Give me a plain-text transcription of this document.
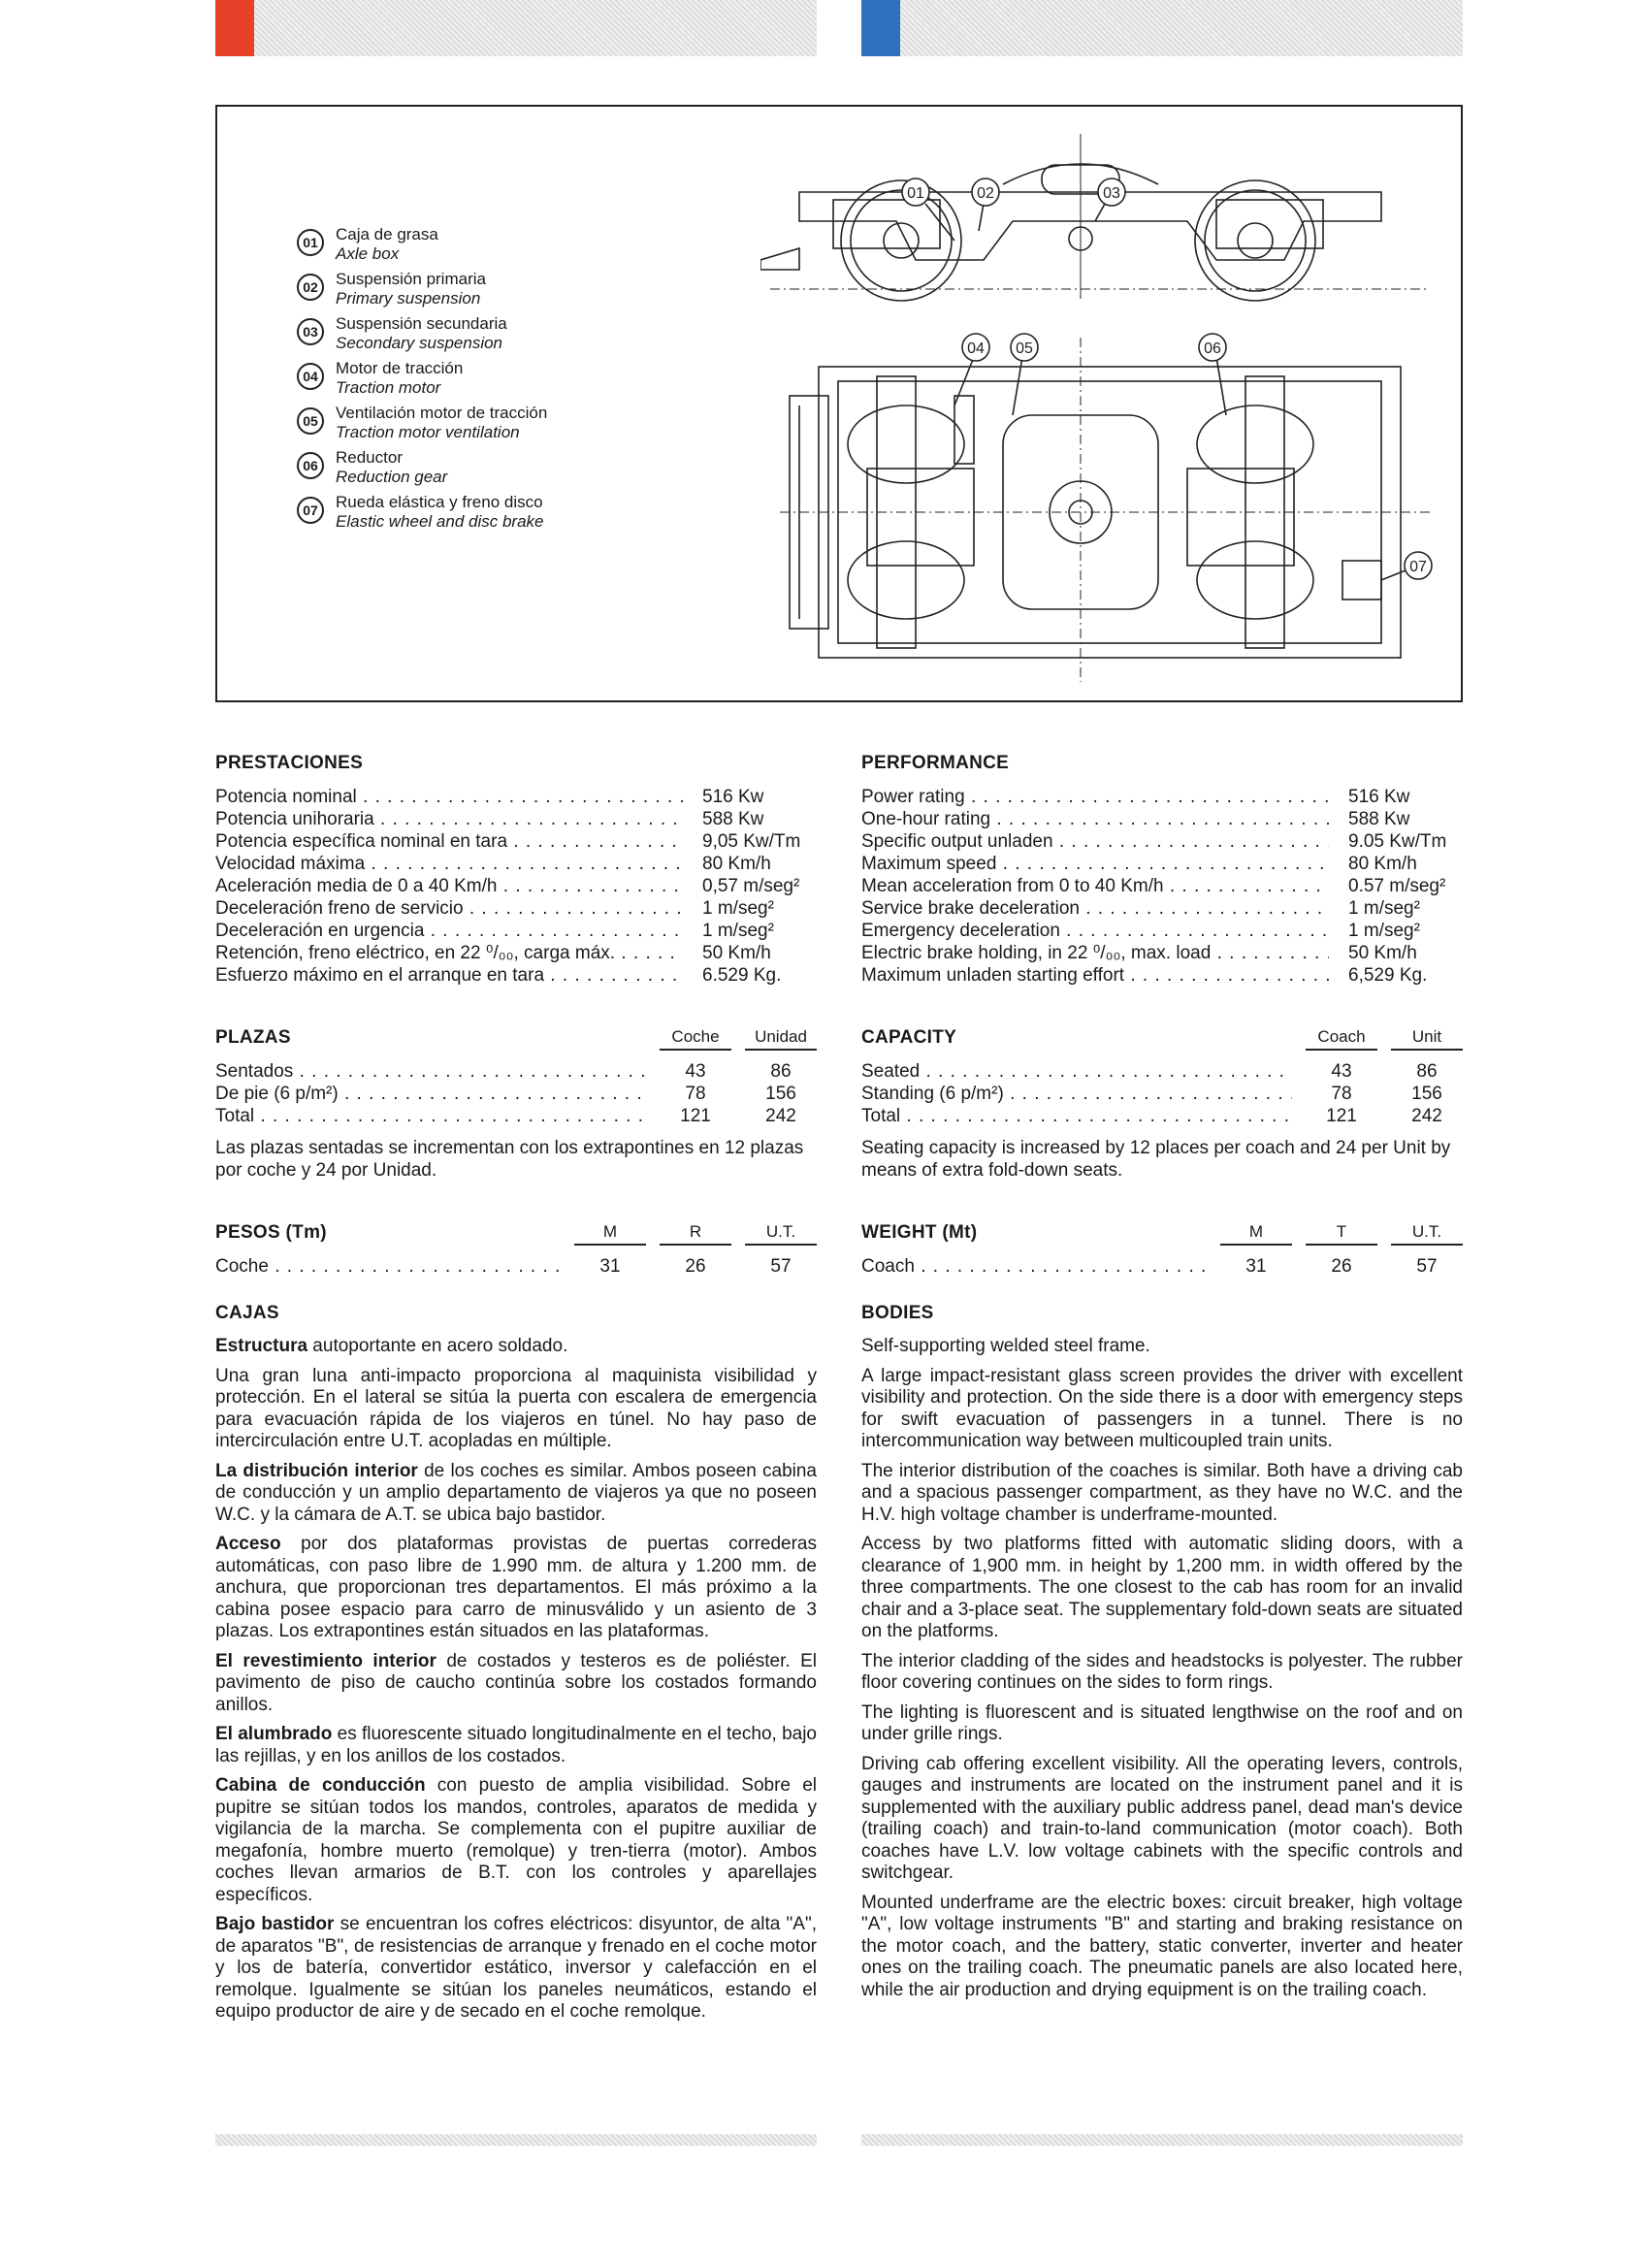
01	Caja de grasa
Axle box
02	Suspensión primaria
Primary suspension
03	Suspensión secundaria
Secondary suspension
04	Motor de tracción
Traction motor
05	Ventilación motor de tracción
Traction motor ventilation
06	Reductor
Reduction gear
07	Rueda elástica y freno disco
Elastic wheel and disc brake
01	02	03
04 05	06
07
PRESTACIONES
Potencia nominal . . .	516 Kw
Potencia unihoraria . . .	588 Kw
Potencia específica nominal en tara . . .	9,05 Kw/Tm
Velocidad máxima . . .	80 Km/h
Aceleración media de 0 a 40 Km/h . . .	0,57 m/seg²
Deceleración freno de servicio . . .	1 m/seg²
Deceleración en urgencia . . .	1 m/seg²
Retención, freno eléctrico, en 22 ⁰/₀₀, carga máx. . . .	50 Km/h
Esfuerzo máximo en el arranque en tara . . .	6.529 Kg.
PLAZAS	Coche	Unidad
Sentados . . .	43	86
De pie (6 p/m²) . . .	78	156
Total . . .	121	242
Las plazas sentadas se incrementan con los extrapontines en 12 plazas por coche y 24 por Unidad.
PESOS (Tm)	M	R	U.T.
Coche . . .	31	26	57
CAJAS

Estructura autoportante en acero soldado.

Una gran luna anti-impacto proporciona al maquinista visibilidad y protección. En el lateral se sitúa la puerta con escalera de emergencia para evacuación rápida de los viajeros en túnel. No hay paso de intercirculación entre U.T. acopladas en múltiple.

La distribución interior de los coches es similar. Ambos poseen cabina de conducción y un amplio departamento de viajeros ya que no poseen W.C. y la cámara de A.T. se ubica bajo bastidor.

Acceso por dos plataformas provistas de puertas correderas automáticas, con paso libre de 1.990 mm. de altura y 1.200 mm. de anchura, que proporcionan tres departamentos. El más próximo a la cabina posee espacio para carro de minusválido y un asiento de 3 plazas. Los extrapontines están situados en las plataformas.

El revestimiento interior de costados y testeros es de poliéster. El pavimento de piso de caucho continúa sobre los costados formando anillos.

El alumbrado es fluorescente situado longitudinalmente en el techo, bajo las rejillas, y en los anillos de los costados.

Cabina de conducción con puesto de amplia visibilidad. Sobre el pupitre se sitúan todos los mandos, controles, aparatos de medida y vigilancia de la marcha. Se complementa con el pupitre auxiliar de megafonía, hombre muerto (remolque) y tren-tierra (motor). Ambos coches llevan armarios de B.T. con los controles y aparellajes específicos.

Bajo bastidor se encuentran los cofres eléctricos: disyuntor, de alta "A", de aparatos "B", de resistencias de arranque y frenado en el coche motor y los de batería, convertidor estático, inversor y calefacción en el remolque. Igualmente se sitúan los paneles neumáticos, estando el equipo productor de aire y de secado en el coche remolque.

PERFORMANCE
Power rating . . .	516 Kw
One-hour rating . . .	588 Kw
Specific output unladen . . .	9.05 Kw/Tm
Maximum speed . . .	80 Km/h
Mean acceleration from 0 to 40 Km/h . . .	0.57 m/seg²
Service brake deceleration . . .	1 m/seg²
Emergency deceleration . . .	1 m/seg²
Electric brake holding, in 22 ⁰/₀₀, max. load . . .	50 Km/h
Maximum unladen starting effort . . .	6,529 Kg.
CAPACITY	Coach	Unit
Seated . . .	43	86
Standing (6 p/m²) . . .	78	156
Total . . .	121	242
Seating capacity is increased by 12 places per coach and 24 per Unit by means of extra fold-down seats.
WEIGHT (Mt)	M	T	U.T.
Coach . . .	31	26	57
BODIES

Self-supporting welded steel frame.

A large impact-resistant glass screen provides the driver with excellent visibility and protection. On the side there is a door with emergency steps for swift evacuation of passengers in a tunnel. There is no intercommunication way between multicoupled train units.

The interior distribution of the coaches is similar. Both have a driving cab and a spacious passenger compartment, as they have no W.C. and the H.V. high voltage chamber is underframe-mounted.

Access by two platforms fitted with automatic sliding doors, with a clearance of 1,900 mm. in height by 1,200 mm. in width offered by the three compartments. The one closest to the cab has room for an invalid chair and a 3-place seat. The supplementary fold-down seats are situated on the platforms.

The interior cladding of the sides and headstocks is polyester. The rubber floor covering continues on the sides to form rings.

The lighting is fluorescent and is situated lengthwise on the roof and on under grille rings.

Driving cab offering excellent visibility. All the operating levers, controls, gauges and instruments are located on the instrument panel and it is supplemented with the auxiliary public address panel, dead man's device (trailing coach) and train-to-land communication (motor coach). Both coaches have L.V. low voltage cabinets with the specific controls and switchgear.

Mounted underframe are the electric boxes: circuit breaker, high voltage "A", low voltage instruments "B" and starting and braking resistance on the motor coach, and the battery, static converter, inverter and heater ones on the trailing coach. The pneumatic panels are also located here, while the air production and drying equipment is on the trailing coach.
